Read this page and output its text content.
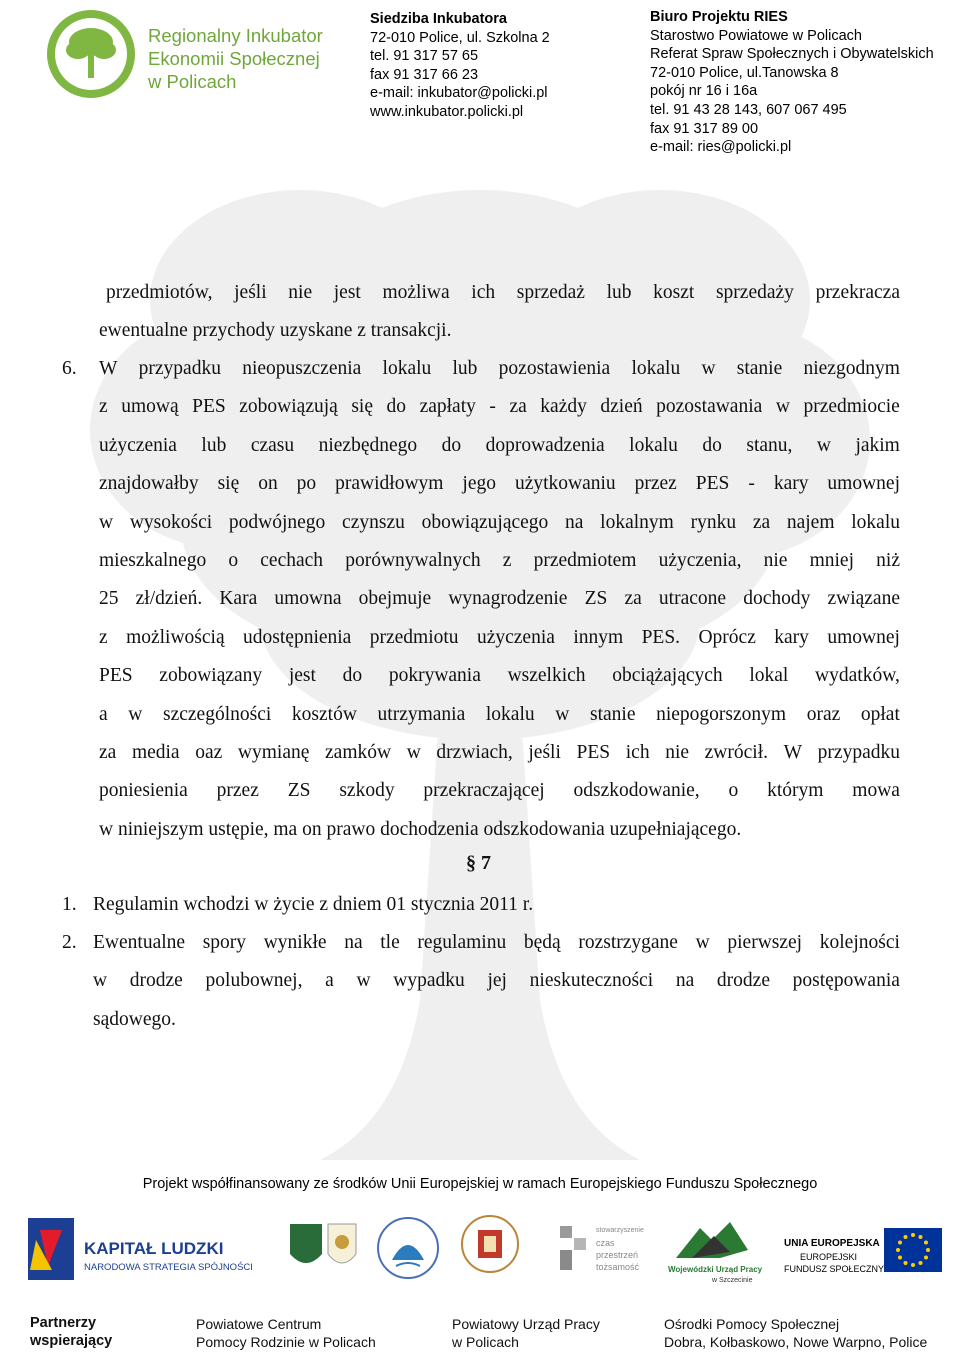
Regionalny Inkubator
Ekonomii Społecznej
w Policach
Siedziba Inkubatora
72-010 Police, ul. Szkolna 2
tel. 91 317 57 65
fax 91 317 66 23
e-mail: inkubator@policki.pl
www.inkubator.policki.pl
Biuro Projektu RIES
Starostwo Powiatowe w Policach
Referat Spraw Społecznych i Obywatelskich
72-010 Police, ul.Tanowska 8
pokój nr 16 i 16a
tel. 91 43 28 143, 607 067 495
fax 91 317 89 00
e-mail: ries@policki.pl
przedmiotów, jeśli nie jest możliwa ich sprzedaż lub koszt sprzedaży przekracza
ewentualne przychody uzyskane z transakcji.
6. W przypadku nieopuszczenia lokalu lub pozostawienia lokalu w stanie niezgodnym
z umową PES zobowiązują się do zapłaty - za każdy dzień pozostawania w przedmiocie
użyczenia lub czasu niezbędnego do doprowadzenia lokalu do stanu, w jakim
znajdowałby się on po prawidłowym jego użytkowaniu przez PES - kary umownej
w wysokości podwójnego czynszu obowiązującego na lokalnym rynku za najem lokalu
mieszkalnego o cechach porównywalnych z przedmiotem użyczenia, nie mniej niż
25 zł/dzień. Kara umowna obejmuje wynagrodzenie ZS za utracone dochody związane
z możliwością udostępnienia przedmiotu użyczenia innym PES. Oprócz kary umownej
PES zobowiązany jest do pokrywania wszelkich obciążających lokal wydatków,
a w szczególności kosztów utrzymania lokalu w stanie niepogorszonym oraz opłat
za media oaz wymianę zamków w drzwiach, jeśli PES ich nie zwrócił. W przypadku
poniesienia przez ZS szkody przekraczającej odszkodowanie, o którym mowa
w niniejszym ustępie, ma on prawo dochodzenia odszkodowania uzupełniającego.
§ 7
1. Regulamin wchodzi w życie z dniem 01 stycznia 2011 r.
2. Ewentualne spory wynikłe na tle regulaminu będą rozstrzygane w pierwszej kolejności
w drodze polubownej, a w wypadku jej nieskuteczności na drodze postępowania
sądowego.
Projekt współfinansowany ze środków Unii Europejskiej w ramach Europejskiego Funduszu Społecznego
KAPITAŁ LUDZKI
NARODOWA STRATEGIA SPÓJNOŚCI
stowarzyszenie
czas
przestrzeń
tożsamość	Wojewódzki Urząd Pracy
w Szczecinie
UNIA EUROPEJSKA
EUROPEJSKI
FUNDUSZ SPOŁECZNY
Partnerzy
wspierający
Powiatowe Centrum
Pomocy Rodzinie w Policach
Powiatowy Urząd Pracy
w Policach
Ośrodki Pomocy Społecznej
Dobra, Kołbaskowo, Nowe Warpno, Police
